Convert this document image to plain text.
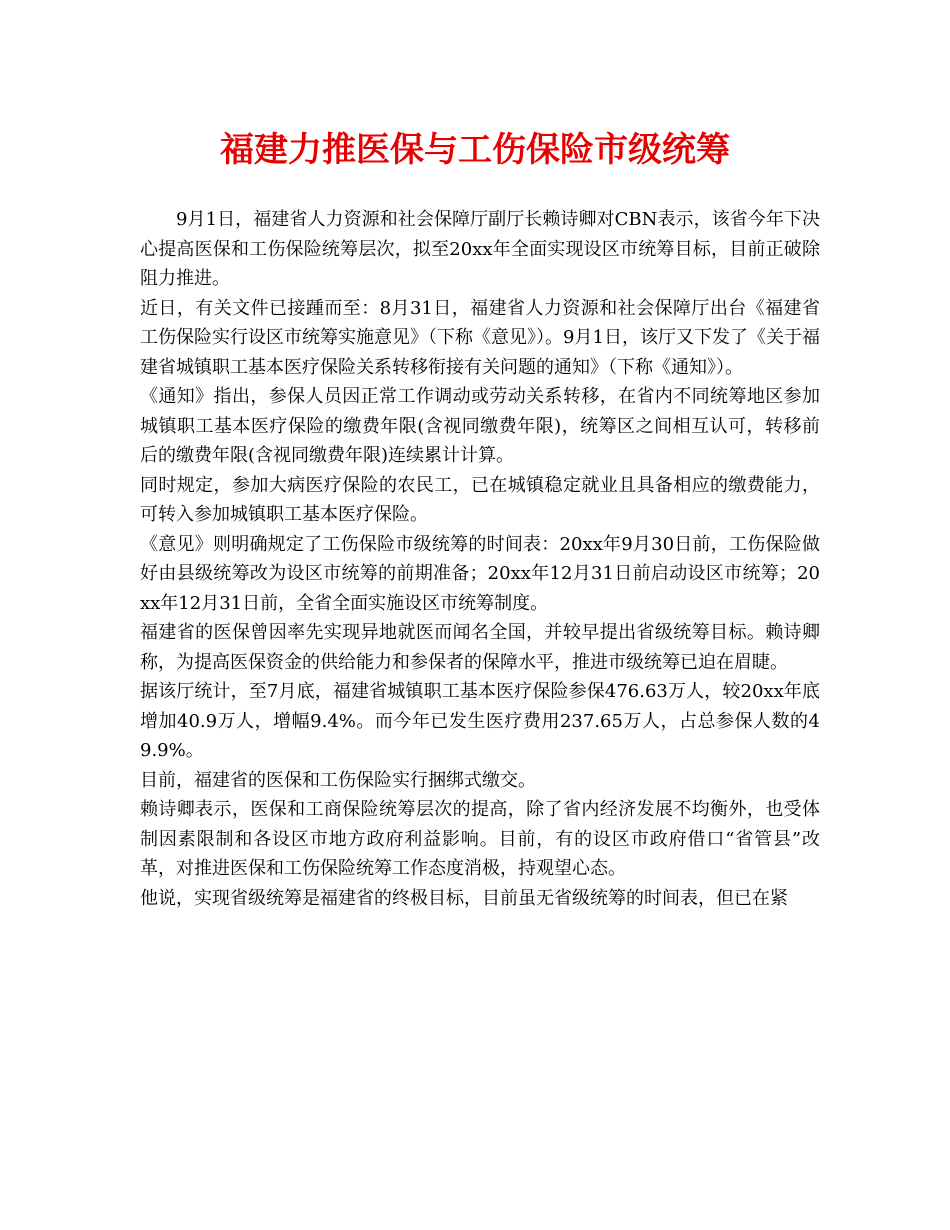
福建力推医保与工伤保险市级统筹

9月1日，福建省人力资源和社会保障厅副厅长赖诗卿对CBN表示，该省今年下决心提高医保和工伤保险统筹层次，拟至20xx年全面实现设区市统筹目标，目前正破除阻力推进。

近日，有关文件已接踵而至：8月31日，福建省人力资源和社会保障厅出台《福建省工伤保险实行设区市统筹实施意见》（下称《意见》）。9月1日，该厅又下发了《关于福建省城镇职工基本医疗保险关系转移衔接有关问题的通知》（下称《通知》）。

《通知》指出，参保人员因正常工作调动或劳动关系转移，在省内不同统筹地区参加城镇职工基本医疗保险的缴费年限(含视同缴费年限)，统筹区之间相互认可，转移前后的缴费年限(含视同缴费年限)连续累计计算。

同时规定，参加大病医疗保险的农民工，已在城镇稳定就业且具备相应的缴费能力，可转入参加城镇职工基本医疗保险。

《意见》则明确规定了工伤保险市级统筹的时间表：20xx年9月30日前，工伤保险做好由县级统筹改为设区市统筹的前期准备；20xx年12月31日前启动设区市统筹；20xx年12月31日前，全省全面实施设区市统筹制度。

福建省的医保曾因率先实现异地就医而闻名全国，并较早提出省级统筹目标。赖诗卿称，为提高医保资金的供给能力和参保者的保障水平，推进市级统筹已迫在眉睫。

据该厅统计，至7月底，福建省城镇职工基本医疗保险参保476.63万人，较20xx年底增加40.9万人，增幅9.4%。而今年已发生医疗费用237.65万人，占总参保人数的49.9%。

目前，福建省的医保和工伤保险实行捆绑式缴交。

赖诗卿表示，医保和工商保险统筹层次的提高，除了省内经济发展不均衡外，也受体制因素限制和各设区市地方政府利益影响。目前，有的设区市政府借口“省管县”改革，对推进医保和工伤保险统筹工作态度消极，持观望心态。

他说，实现省级统筹是福建省的终极目标，目前虽无省级统筹的时间表，但已在紧
